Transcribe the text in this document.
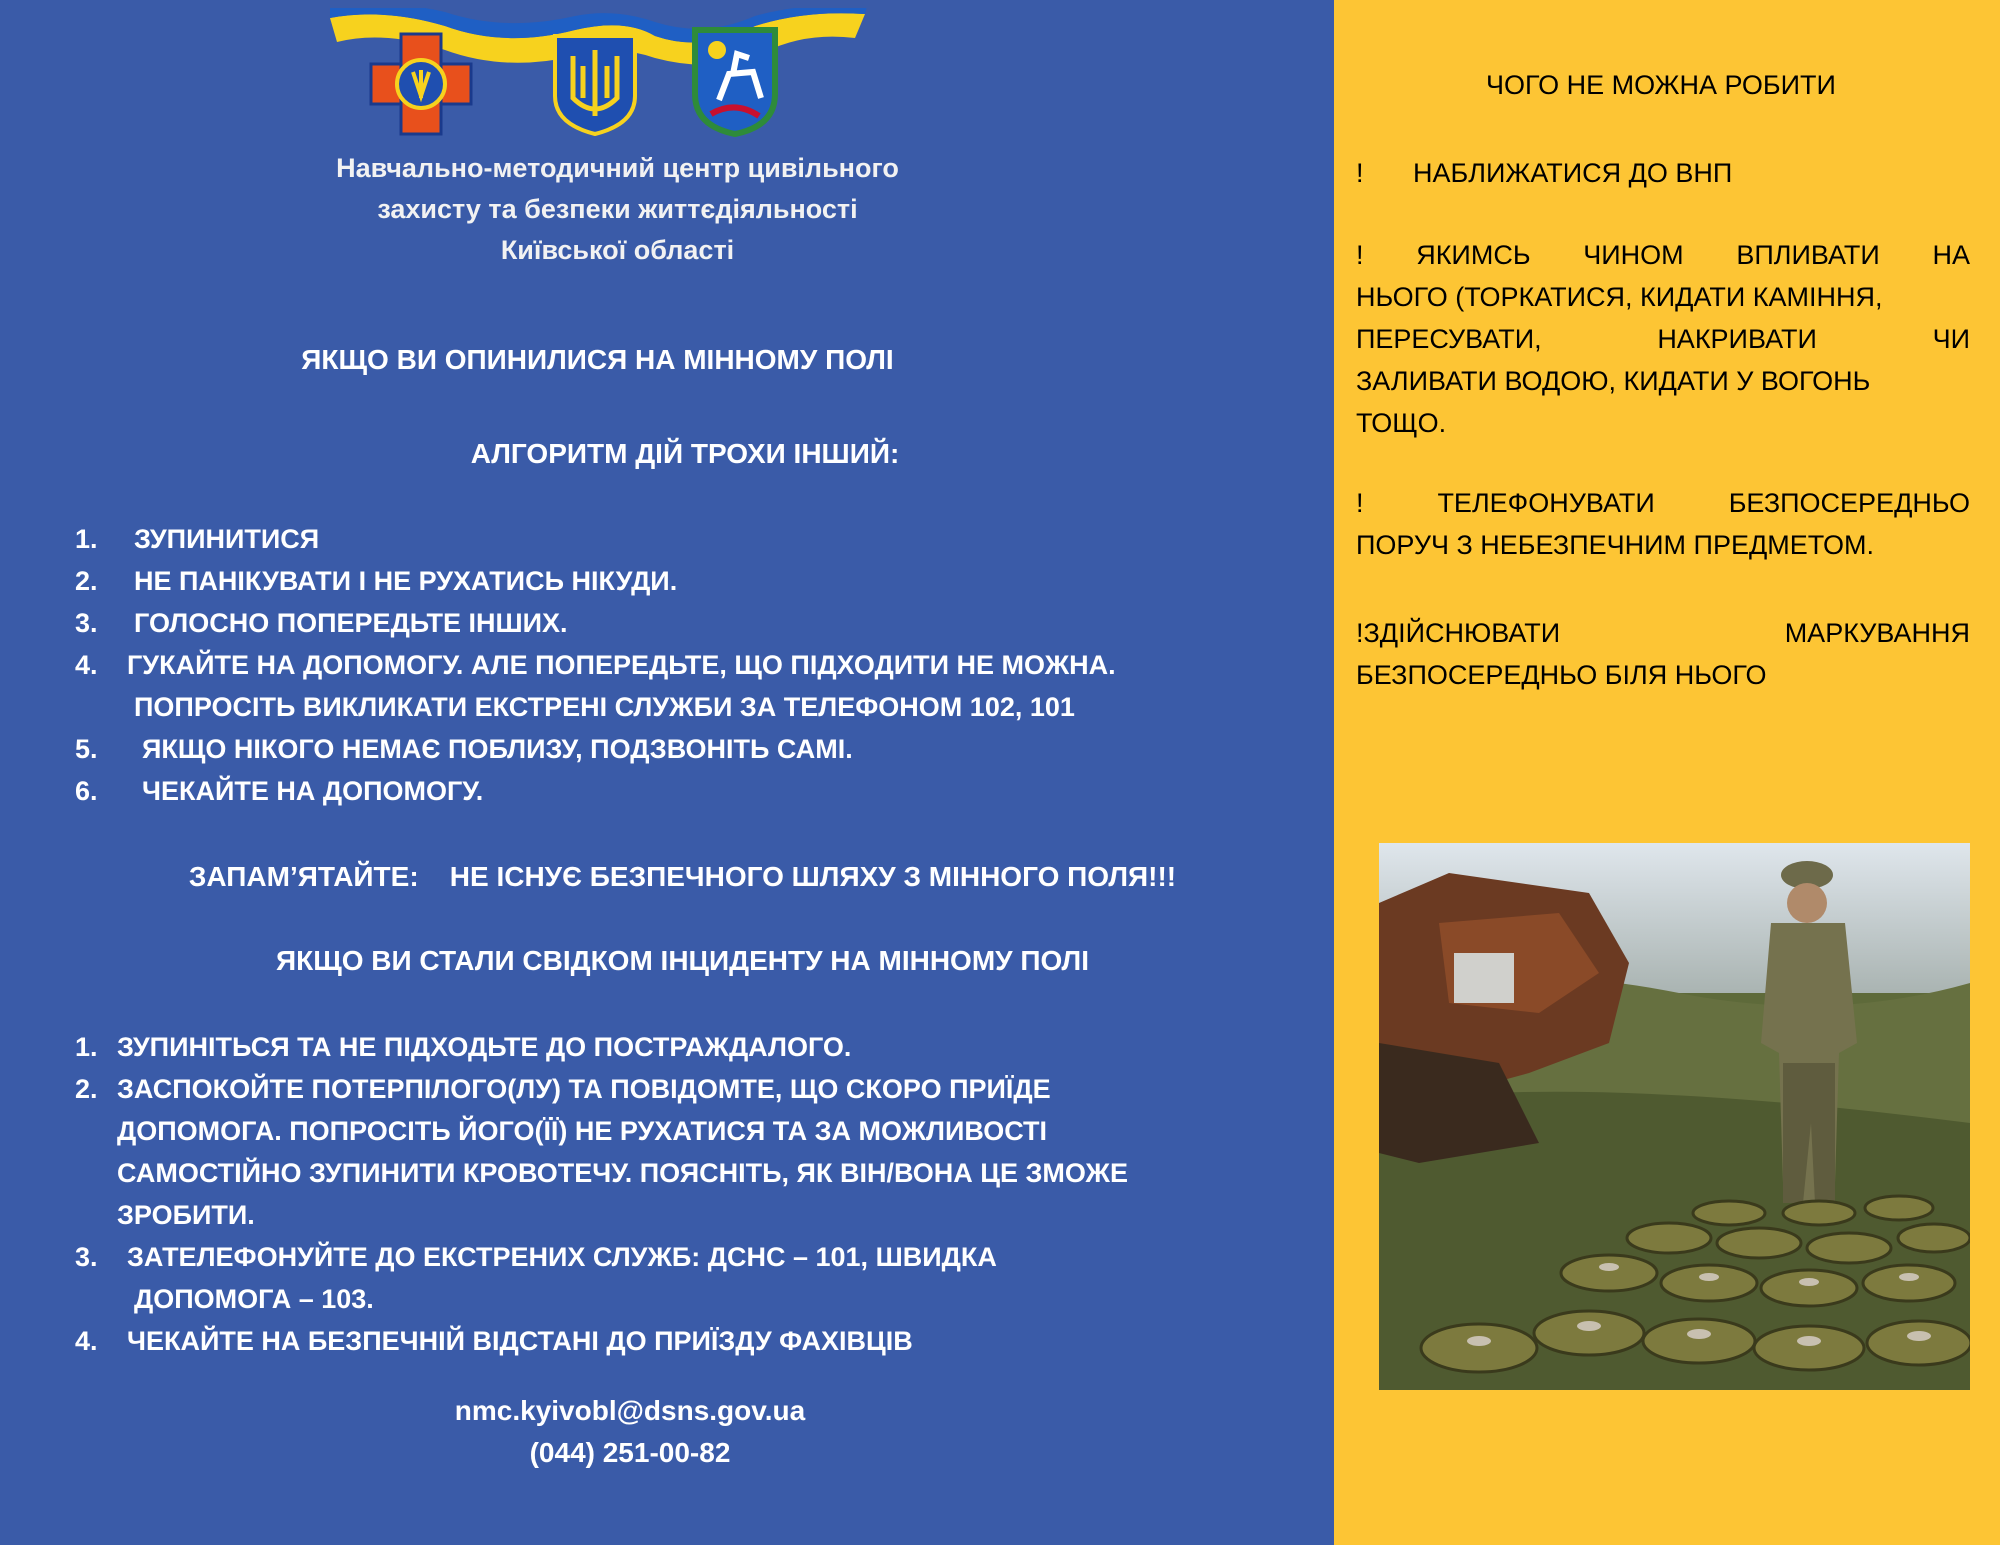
Навчально-методичний центр цивільного
захисту та безпеки життєдіяльності
Київської області
ЯКЩО ВИ ОПИНИЛИСЯ НА МІННОМУ ПОЛІ
АЛГОРИТМ ДІЙ ТРОХИ ІНШИЙ:
1. ЗУПИНИТИСЯ
2. НЕ ПАНІКУВАТИ І НЕ РУХАТИСЬ НІКУДИ.
3. ГОЛОСНО ПОПЕРЕДЬТЕ ІНШИХ.
4. ГУКАЙТЕ НА ДОПОМОГУ. АЛЕ ПОПЕРЕДЬТЕ, ЩО ПІДХОДИТИ НЕ МОЖНА.
ПОПРОСІТЬ ВИКЛИКАТИ ЕКСТРЕНІ СЛУЖБИ ЗА ТЕЛЕФОНОМ 102, 101
5. ЯКЩО НІКОГО НЕМАЄ ПОБЛИЗУ, ПОДЗВОНІТЬ САМІ.
6. ЧЕКАЙТЕ НА ДОПОМОГУ.
ЗАПАМ’ЯТАЙТЕ:    НЕ ІСНУЄ БЕЗПЕЧНОГО ШЛЯХУ З МІННОГО ПОЛЯ!!!
ЯКЩО ВИ СТАЛИ СВІДКОМ ІНЦИДЕНТУ НА МІННОМУ ПОЛІ
1. ЗУПИНІТЬСЯ ТА НЕ ПІДХОДЬТЕ ДО ПОСТРАЖДАЛОГО.
2. ЗАСПОКОЙТЕ ПОТЕРПІЛОГО(ЛУ) ТА ПОВІДОМТЕ, ЩО СКОРО ПРИЇДЕ
ДОПОМОГА. ПОПРОСІТЬ ЙОГО(ЇЇ) НЕ РУХАТИСЯ ТА ЗА МОЖЛИВОСТІ
САМОСТІЙНО ЗУПИНИТИ КРОВОТЕЧУ. ПОЯСНІТЬ, ЯК ВІН/ВОНА ЦЕ ЗМОЖЕ
ЗРОБИТИ.
3. ЗАТЕЛЕФОНУЙТЕ ДО ЕКСТРЕНИХ СЛУЖБ: ДСНС – 101, ШВИДКА
ДОПОМОГА – 103.
4. ЧЕКАЙТЕ НА БЕЗПЕЧНІЙ ВІДСТАНІ ДО ПРИЇЗДУ ФАХІВЦІВ
nmc.kyivobl@dsns.gov.ua
(044) 251-00-82
ЧОГО НЕ МОЖНА РОБИТИ
! НАБЛИЖАТИСЯ ДО ВНП
! ЯКИМСЬ ЧИНОМ ВПЛИВАТИ НА
НЬОГО (ТОРКАТИСЯ, КИДАТИ КАМІННЯ,
ПЕРЕСУВАТИ,	НАКРИВАТИ	ЧИ
ЗАЛИВАТИ ВОДОЮ, КИДАТИ У ВОГОНЬ
ТОЩО.
!	ТЕЛЕФОНУВАТИ	БЕЗПОСЕРЕДНЬО
ПОРУЧ З НЕБЕЗПЕЧНИМ ПРЕДМЕТОМ.
!ЗДІЙСНЮВАТИ	МАРКУВАННЯ
БЕЗПОСЕРЕДНЬО БІЛЯ НЬОГО
